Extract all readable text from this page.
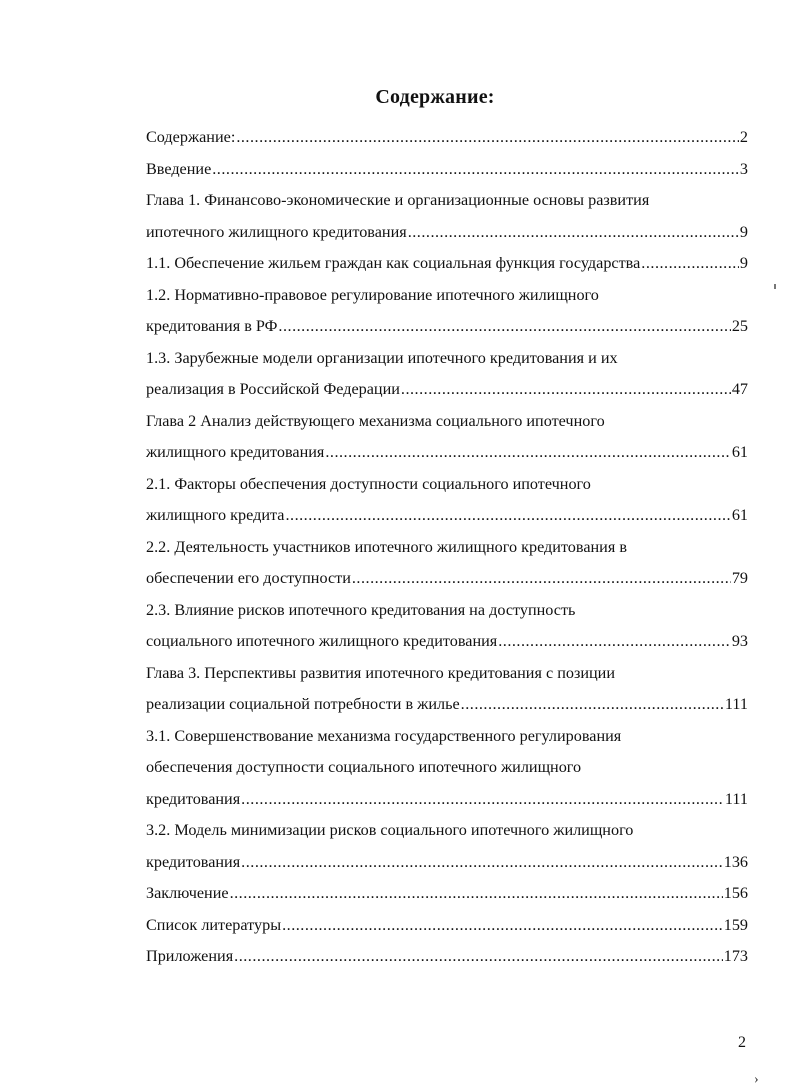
Содержание:
Содержание: .....	2
Введение .....	3
Глава 1. Финансово-экономические и организационные основы развития
ипотечного жилищного кредитования .....	9
1.1. Обеспечение жильем граждан как социальная функция государства .....	9
1.2. Нормативно-правовое регулирование ипотечного жилищного
кредитования в РФ .....	25
1.3. Зарубежные модели организации ипотечного кредитования и их
реализация в Российской Федерации .....	47
Глава 2 Анализ действующего механизма социального ипотечного
жилищного кредитования .....	61
2.1. Факторы обеспечения доступности социального ипотечного
жилищного кредита .....	61
2.2. Деятельность участников ипотечного жилищного кредитования в
обеспечении его доступности .....	79
2.3. Влияние рисков ипотечного кредитования на доступность
социального ипотечного жилищного кредитования .....	93
Глава 3. Перспективы развития ипотечного кредитования с позиции
реализации социальной потребности в жилье .....	111
3.1. Совершенствование механизма государственного регулирования
обеспечения доступности социального ипотечного жилищного
кредитования .....	111
3.2. Модель минимизации рисков социального ипотечного жилищного
кредитования .....	136
Заключение .....	156
Список литературы .....	159
Приложения .....	173
2
›
